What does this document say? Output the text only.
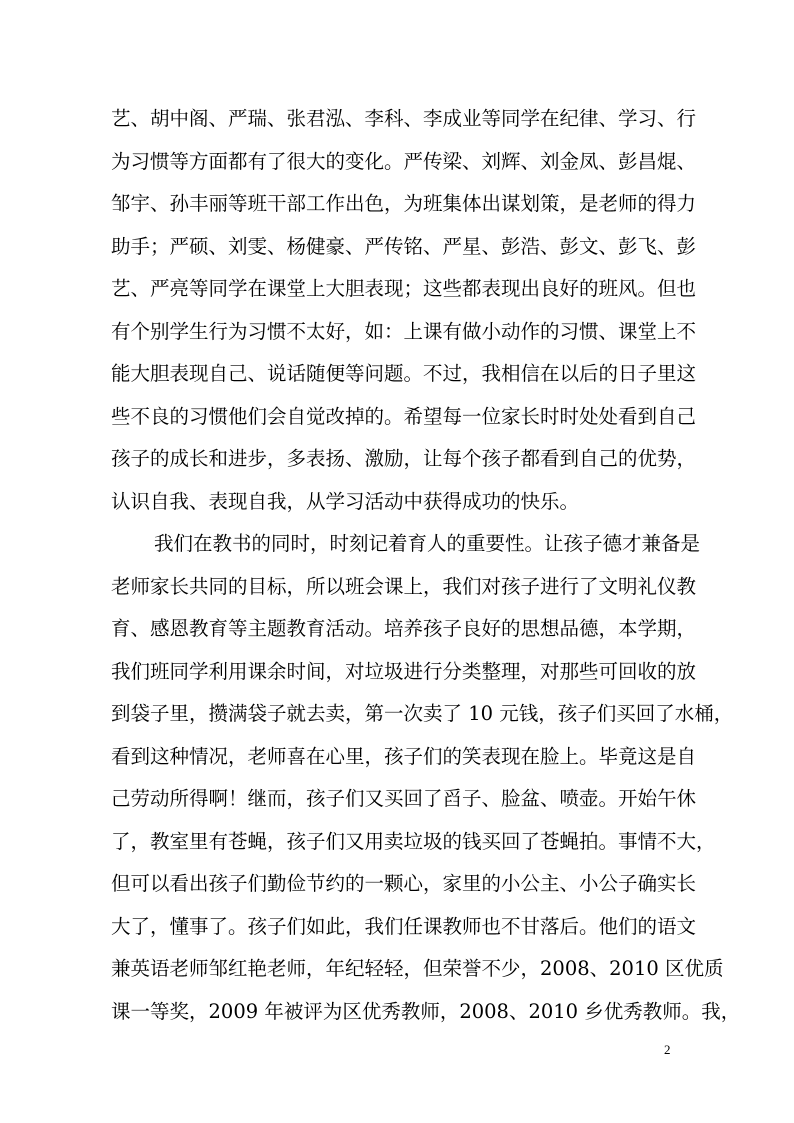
艺、胡中阁、严瑞、张君泓、李科、李成业等同学在纪律、学习、行
为习惯等方面都有了很大的变化。严传梁、刘辉、刘金凤、彭昌焜、
邹宇、孙丰丽等班干部工作出色，为班集体出谋划策，是老师的得力
助手；严硕、刘雯、杨健豪、严传铭、严星、彭浩、彭文、彭飞、彭
艺、严亮等同学在课堂上大胆表现；这些都表现出良好的班风。但也
有个别学生行为习惯不太好，如：上课有做小动作的习惯、课堂上不
能大胆表现自己、说话随便等问题。不过，我相信在以后的日子里这
些不良的习惯他们会自觉改掉的。希望每一位家长时时处处看到自己
孩子的成长和进步，多表扬、激励，让每个孩子都看到自己的优势，
认识自我、表现自我，从学习活动中获得成功的快乐。
我们在教书的同时，时刻记着育人的重要性。让孩子德才兼备是
老师家长共同的目标，所以班会课上，我们对孩子进行了文明礼仪教
育、感恩教育等主题教育活动。培养孩子良好的思想品德，本学期，
我们班同学利用课余时间，对垃圾进行分类整理，对那些可回收的放
到袋子里，攒满袋子就去卖，第一次卖了 10 元钱，孩子们买回了水桶，
看到这种情况，老师喜在心里，孩子们的笑表现在脸上。毕竟这是自
己劳动所得啊！继而，孩子们又买回了舀子、脸盆、喷壶。开始午休
了，教室里有苍蝇，孩子们又用卖垃圾的钱买回了苍蝇拍。事情不大，
但可以看出孩子们勤俭节约的一颗心，家里的小公主、小公子确实长
大了，懂事了。孩子们如此，我们任课教师也不甘落后。他们的语文
兼英语老师邹红艳老师，年纪轻轻，但荣誉不少，2008、2010 区优质
课一等奖，2009 年被评为区优秀教师，2008、2010 乡优秀教师。我，
2
